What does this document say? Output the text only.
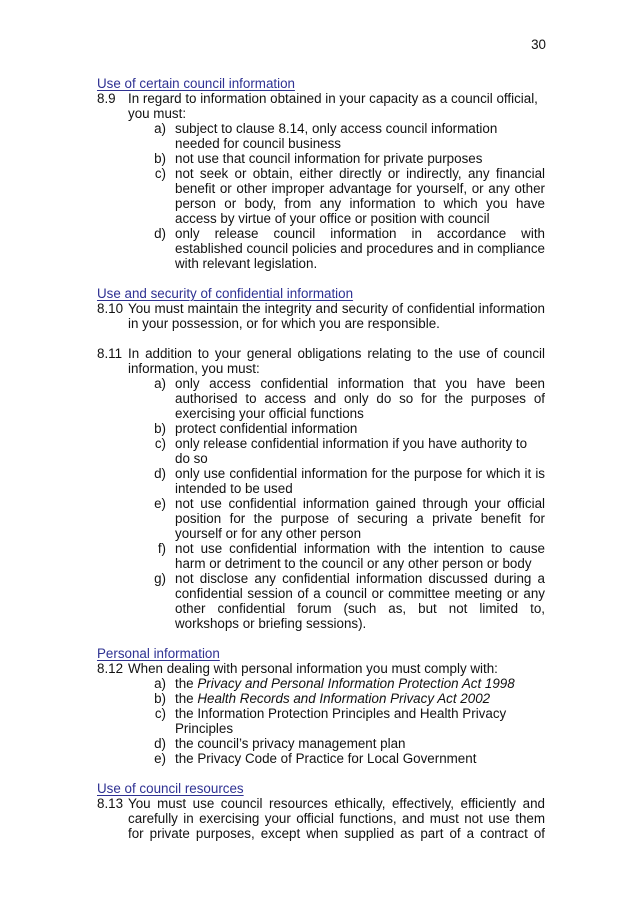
30

Use of certain council information

8.9 In regard to information obtained in your capacity as a council official, you must:
a) subject to clause 8.14, only access council information needed for council business
b) not use that council information for private purposes
c) not seek or obtain, either directly or indirectly, any financial benefit or other improper advantage for yourself, or any other person or body, from any information to which you have access by virtue of your office or position with council
d) only release council information in accordance with established council policies and procedures and in compliance with relevant legislation.

Use and security of confidential information

8.10 You must maintain the integrity and security of confidential information in your possession, or for which you are responsible.
8.11 In addition to your general obligations relating to the use of council information, you must:
a) only access confidential information that you have been authorised to access and only do so for the purposes of exercising your official functions
b) protect confidential information
c) only release confidential information if you have authority to do so
d) only use confidential information for the purpose for which it is intended to be used
e) not use confidential information gained through your official position for the purpose of securing a private benefit for yourself or for any other person
f) not use confidential information with the intention to cause harm or detriment to the council or any other person or body
g) not disclose any confidential information discussed during a confidential session of a council or committee meeting or any other confidential forum (such as, but not limited to, workshops or briefing sessions).

Personal information

8.12 When dealing with personal information you must comply with:
a) the Privacy and Personal Information Protection Act 1998
b) the Health Records and Information Privacy Act 2002
c) the Information Protection Principles and Health Privacy Principles
d) the council’s privacy management plan
e) the Privacy Code of Practice for Local Government

Use of council resources

8.13 You must use council resources ethically, effectively, efficiently and carefully in exercising your official functions, and must not use them for private purposes, except when supplied as part of a contract of
